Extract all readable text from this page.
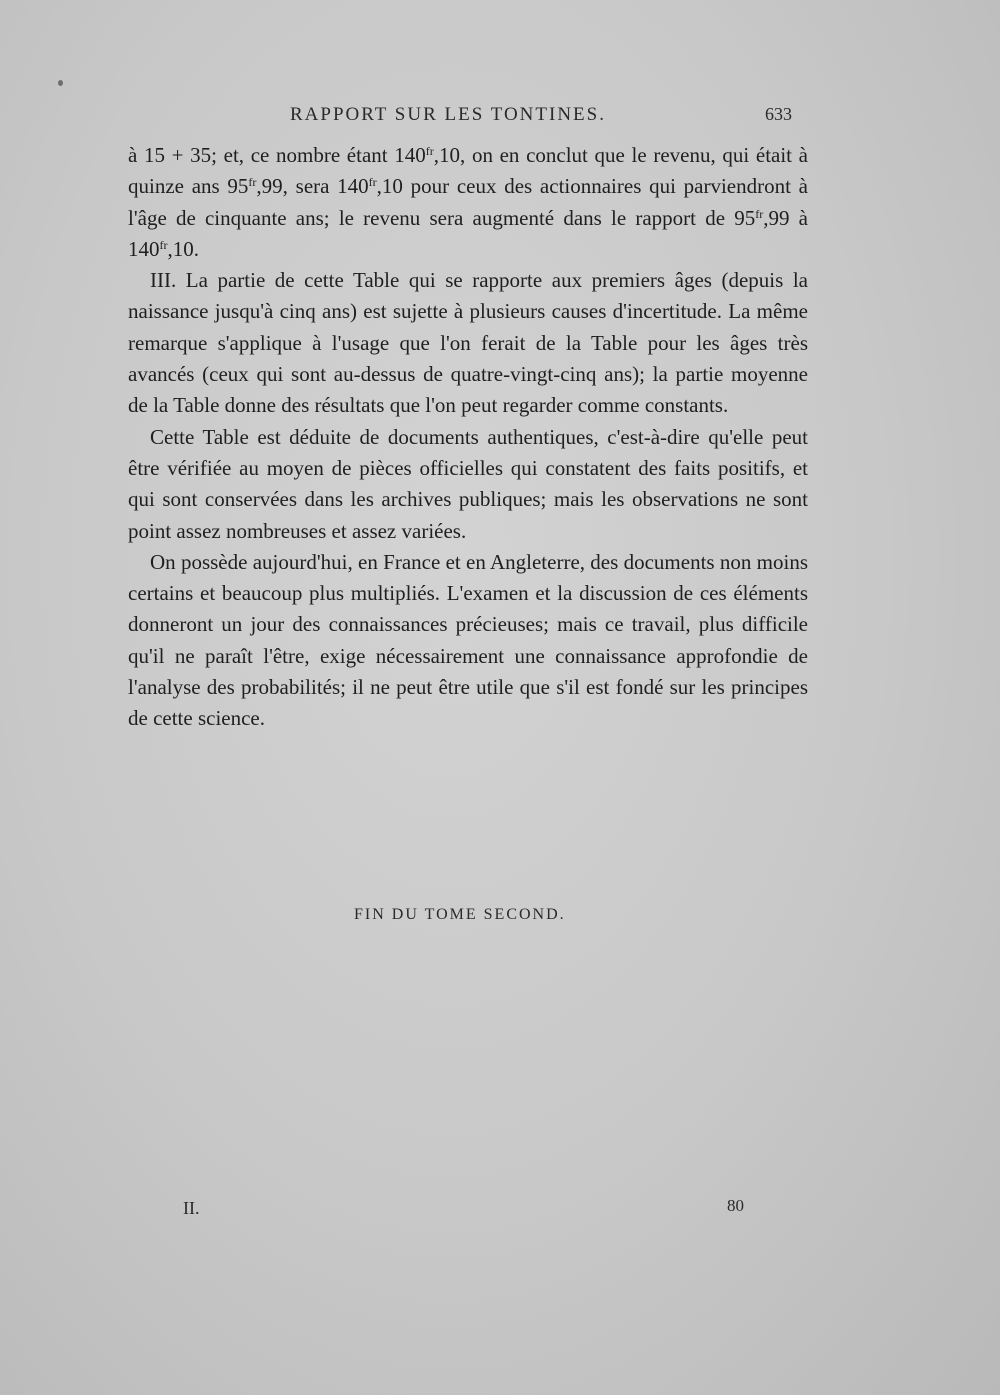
RAPPORT SUR LES TONTINES.	633

à 15 + 35; et, ce nombre étant $140^{fr},10$, on en conclut que le revenu, qui était à quinze ans $95^{fr},99$, sera $140^{fr},10$ pour ceux des actionnaires qui parviendront à l'âge de cinquante ans; le revenu sera augmenté dans le rapport de $95^{fr},99$ à $140^{fr},10$.

III. La partie de cette Table qui se rapporte aux premiers âges (depuis la naissance jusqu'à cinq ans) est sujette à plusieurs causes d'incertitude. La même remarque s'applique à l'usage que l'on ferait de la Table pour les âges très avancés (ceux qui sont au-dessus de quatre-vingt-cinq ans); la partie moyenne de la Table donne des résultats que l'on peut regarder comme constants.

Cette Table est déduite de documents authentiques, c'est-à-dire qu'elle peut être vérifiée au moyen de pièces officielles qui constatent des faits positifs, et qui sont conservées dans les archives publiques; mais les observations ne sont point assez nombreuses et assez variées.

On possède aujourd'hui, en France et en Angleterre, des documents non moins certains et beaucoup plus multipliés. L'examen et la discussion de ces éléments donneront un jour des connaissances précieuses; mais ce travail, plus difficile qu'il ne paraît l'être, exige nécessairement une connaissance approfondie de l'analyse des probabilités; il ne peut être utile que s'il est fondé sur les principes de cette science.

FIN DU TOME SECOND.
II.	80
